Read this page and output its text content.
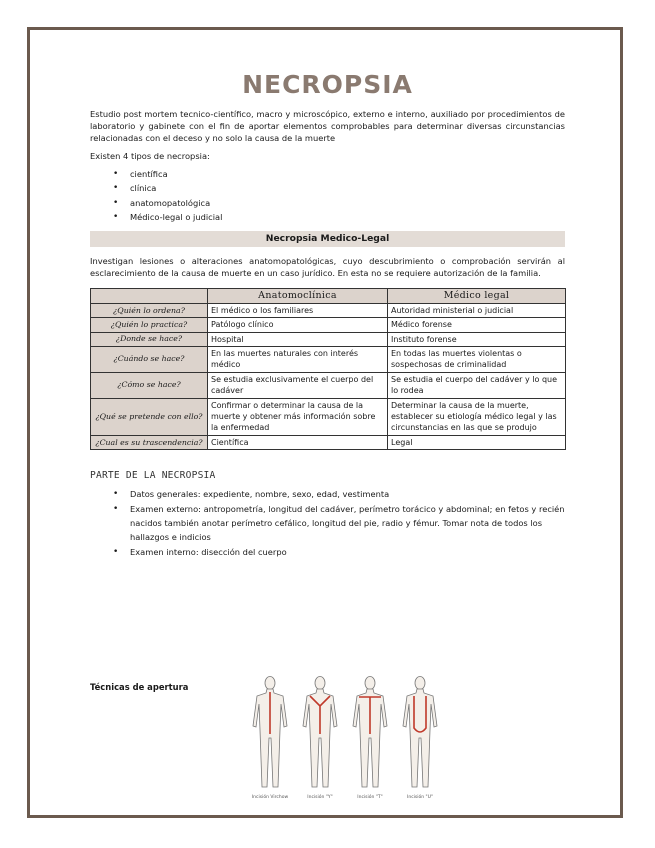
NECROPSIA

Estudio post mortem tecnico-científico, macro y microscópico, externo e interno, auxiliado por procedimientos de laboratorio y gabinete con el fin de aportar elementos comprobables para determinar diversas circunstancias relacionadas con el deceso y no solo la causa de la muerte

Existen 4 tipos de necropsia:

• científica
• clínica
• anatomopatológica
• Médico-legal o judicial
Necropsia Medico-Legal

Investigan lesiones o alteraciones anatomopatológicas, cuyo descubrimiento o comprobación servirán al esclarecimiento de la causa de muerte en un caso jurídico. En esta no se requiere autorización de la familia.

	Anatomoclínica	Médico legal
¿Quién lo ordena?	El médico o los familiares	Autoridad ministerial o judicial
¿Quién lo practica?	Patólogo clínico	Médico forense
¿Donde se hace?	Hospital	Instituto forense
¿Cuándo se hace?	En las muertes naturales con interés médico	En todas las muertes violentas o sospechosas de criminalidad
¿Cómo se hace?	Se estudia exclusivamente el cuerpo del cadáver	Se estudia el cuerpo del cadáver y lo que lo rodea
¿Qué se pretende con ello?	Confirmar o determinar la causa de la muerte y obtener más información sobre la enfermedad	Determinar la causa de la muerte, establecer su etiología médico legal y las circunstancias en las que se produjo
¿Cual es su trascendencia?	Científica	Legal
PARTE DE LA NECROPSIA
• Datos generales: expediente, nombre, sexo, edad, vestimenta
• Examen externo: antropometría, longitud del cadáver, perímetro torácico y abdominal; en fetos y recién nacidos también anotar perímetro cefálico, longitud del pie, radio y fémur. Tomar nota de todos los hallazgos e indicios
• Examen interno: disección del cuerpo
Técnicas de apertura
Incisión Virchow	Incisión "Y"	Incisión "T"	Incisión "U"
